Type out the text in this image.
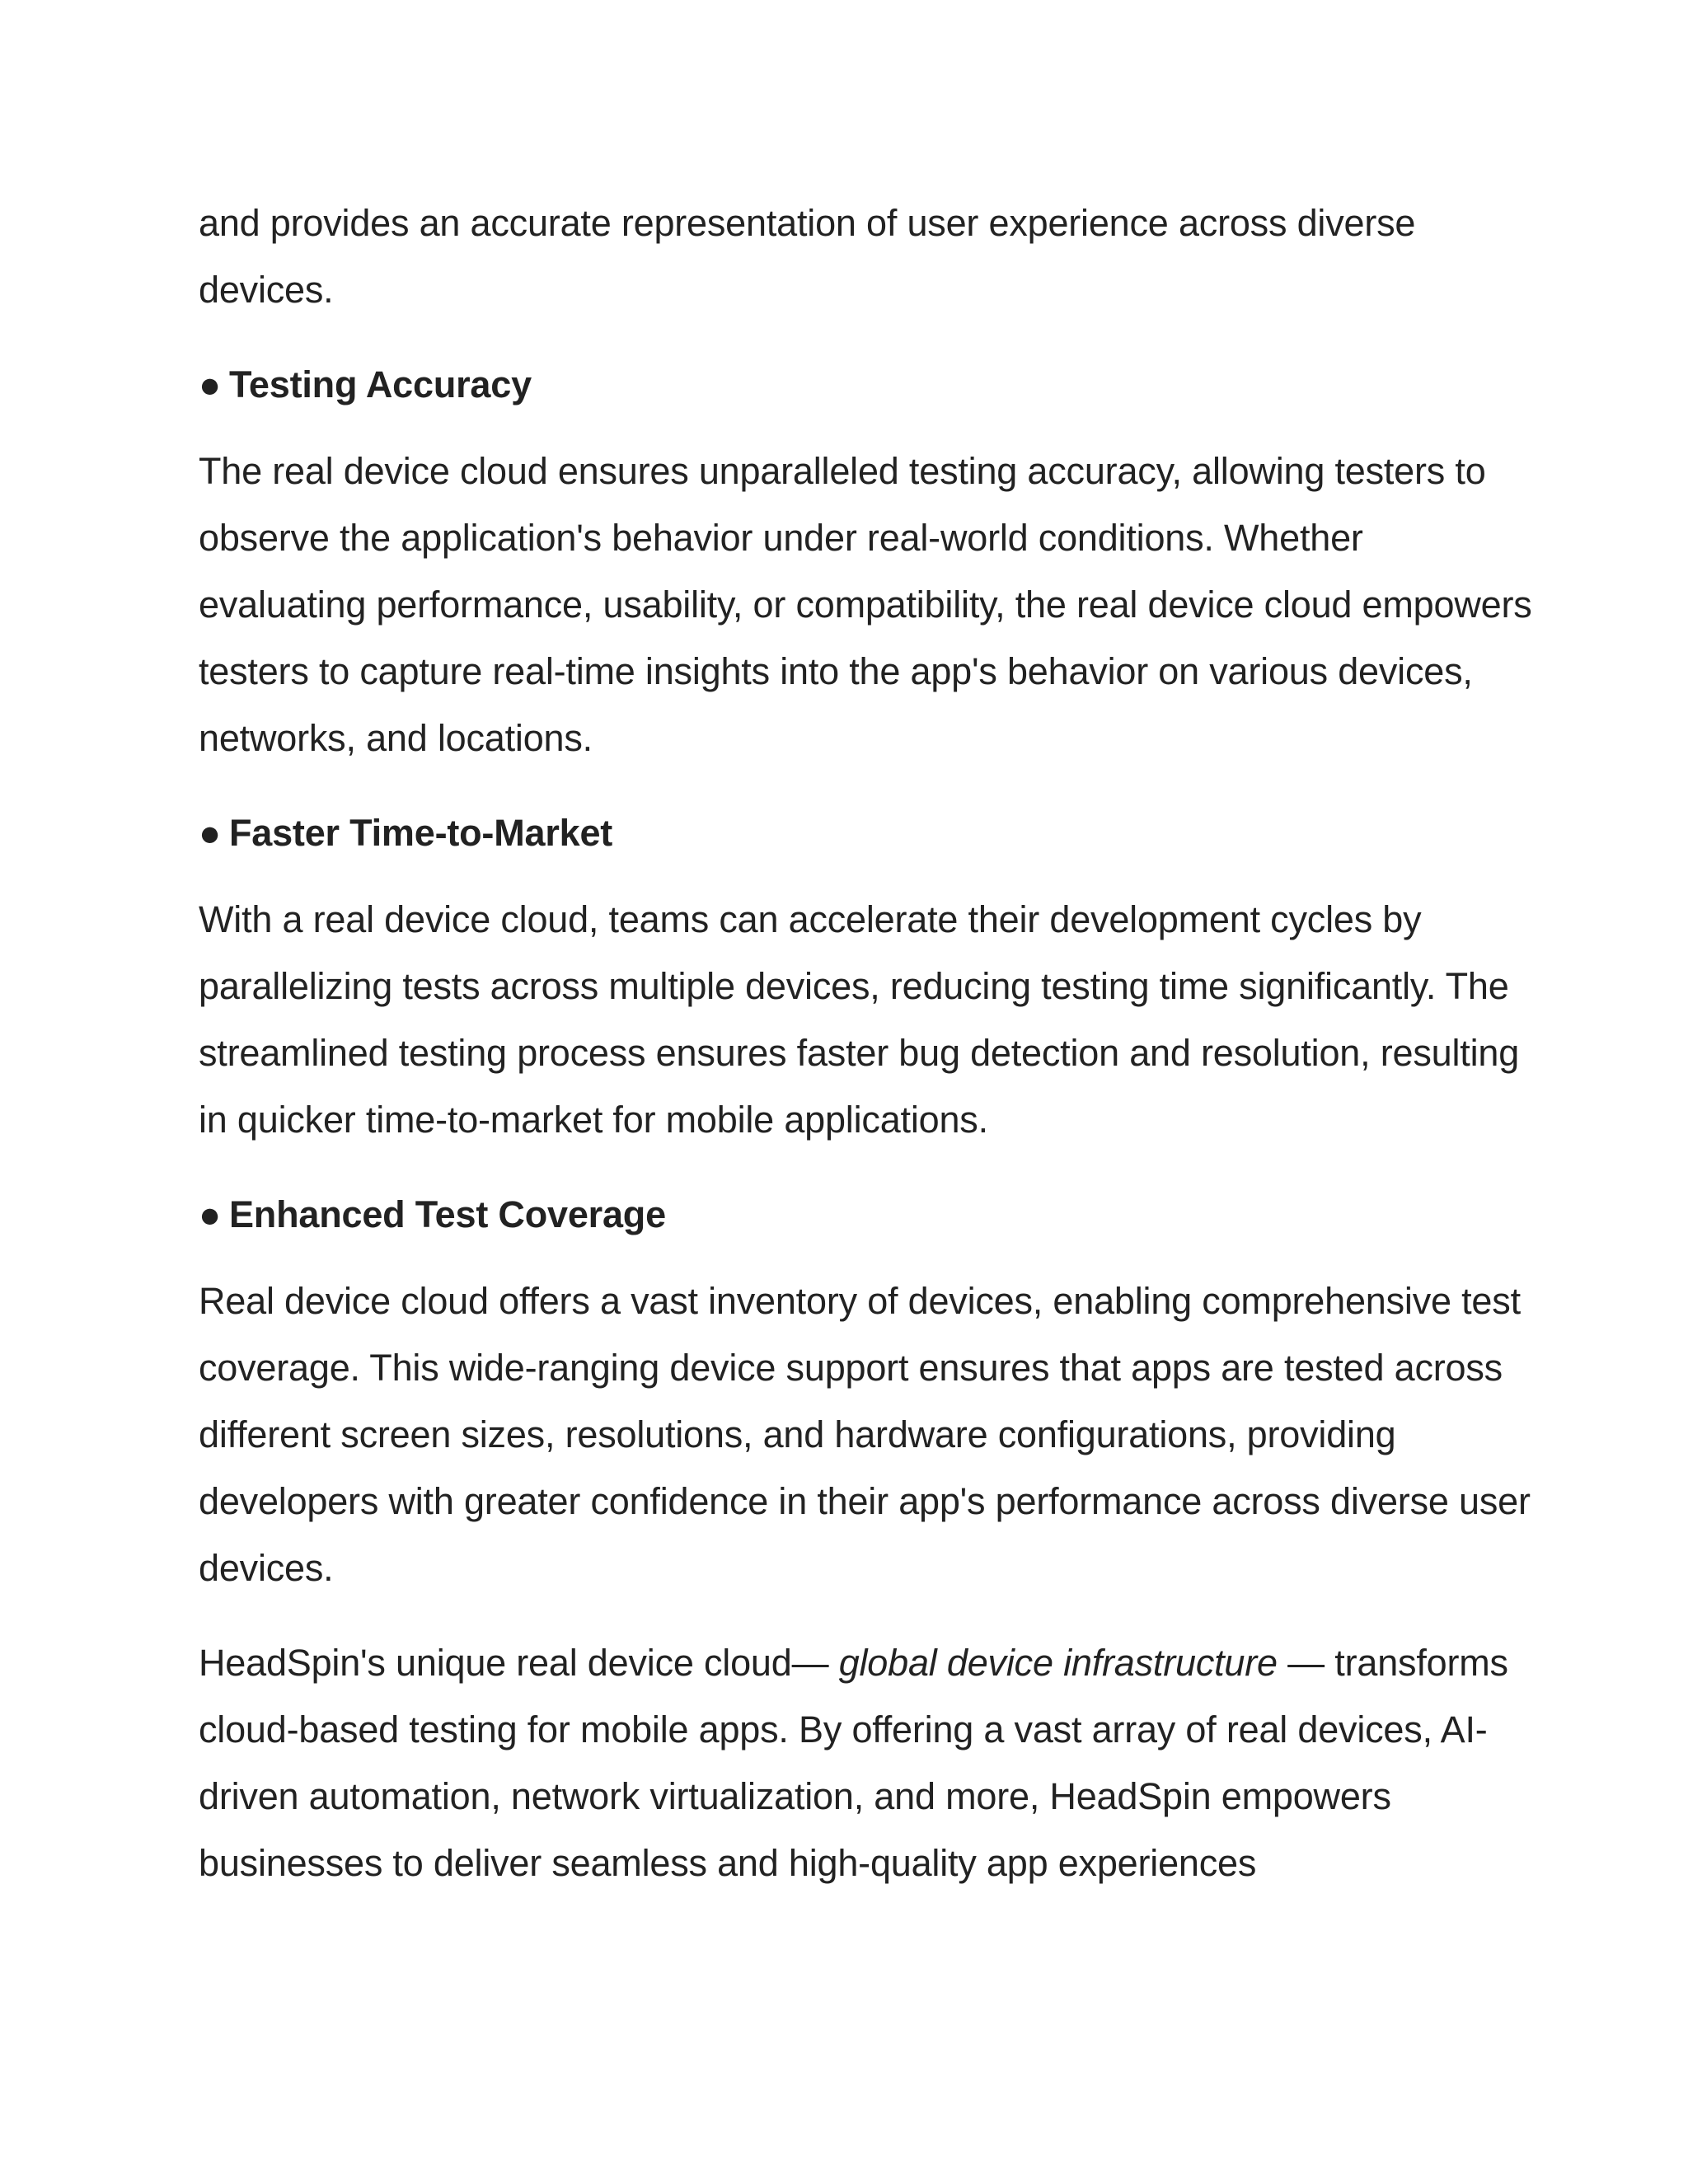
and provides an accurate representation of user experience across diverse devices.

● Testing Accuracy

The real device cloud ensures unparalleled testing accuracy, allowing testers to observe the application's behavior under real-world conditions. Whether evaluating performance, usability, or compatibility, the real device cloud empowers testers to capture real-time insights into the app's behavior on various devices, networks, and locations.

● Faster Time-to-Market

With a real device cloud, teams can accelerate their development cycles by parallelizing tests across multiple devices, reducing testing time significantly. The streamlined testing process ensures faster bug detection and resolution, resulting in quicker time-to-market for mobile applications.

● Enhanced Test Coverage

Real device cloud offers a vast inventory of devices, enabling comprehensive test coverage. This wide-ranging device support ensures that apps are tested across different screen sizes, resolutions, and hardware configurations, providing developers with greater confidence in their app's performance across diverse user devices.

HeadSpin's unique real device cloud— global device infrastructure — transforms cloud-based testing for mobile apps. By offering a vast array of real devices, AI-driven automation, network virtualization, and more, HeadSpin empowers businesses to deliver seamless and high-quality app experiences
